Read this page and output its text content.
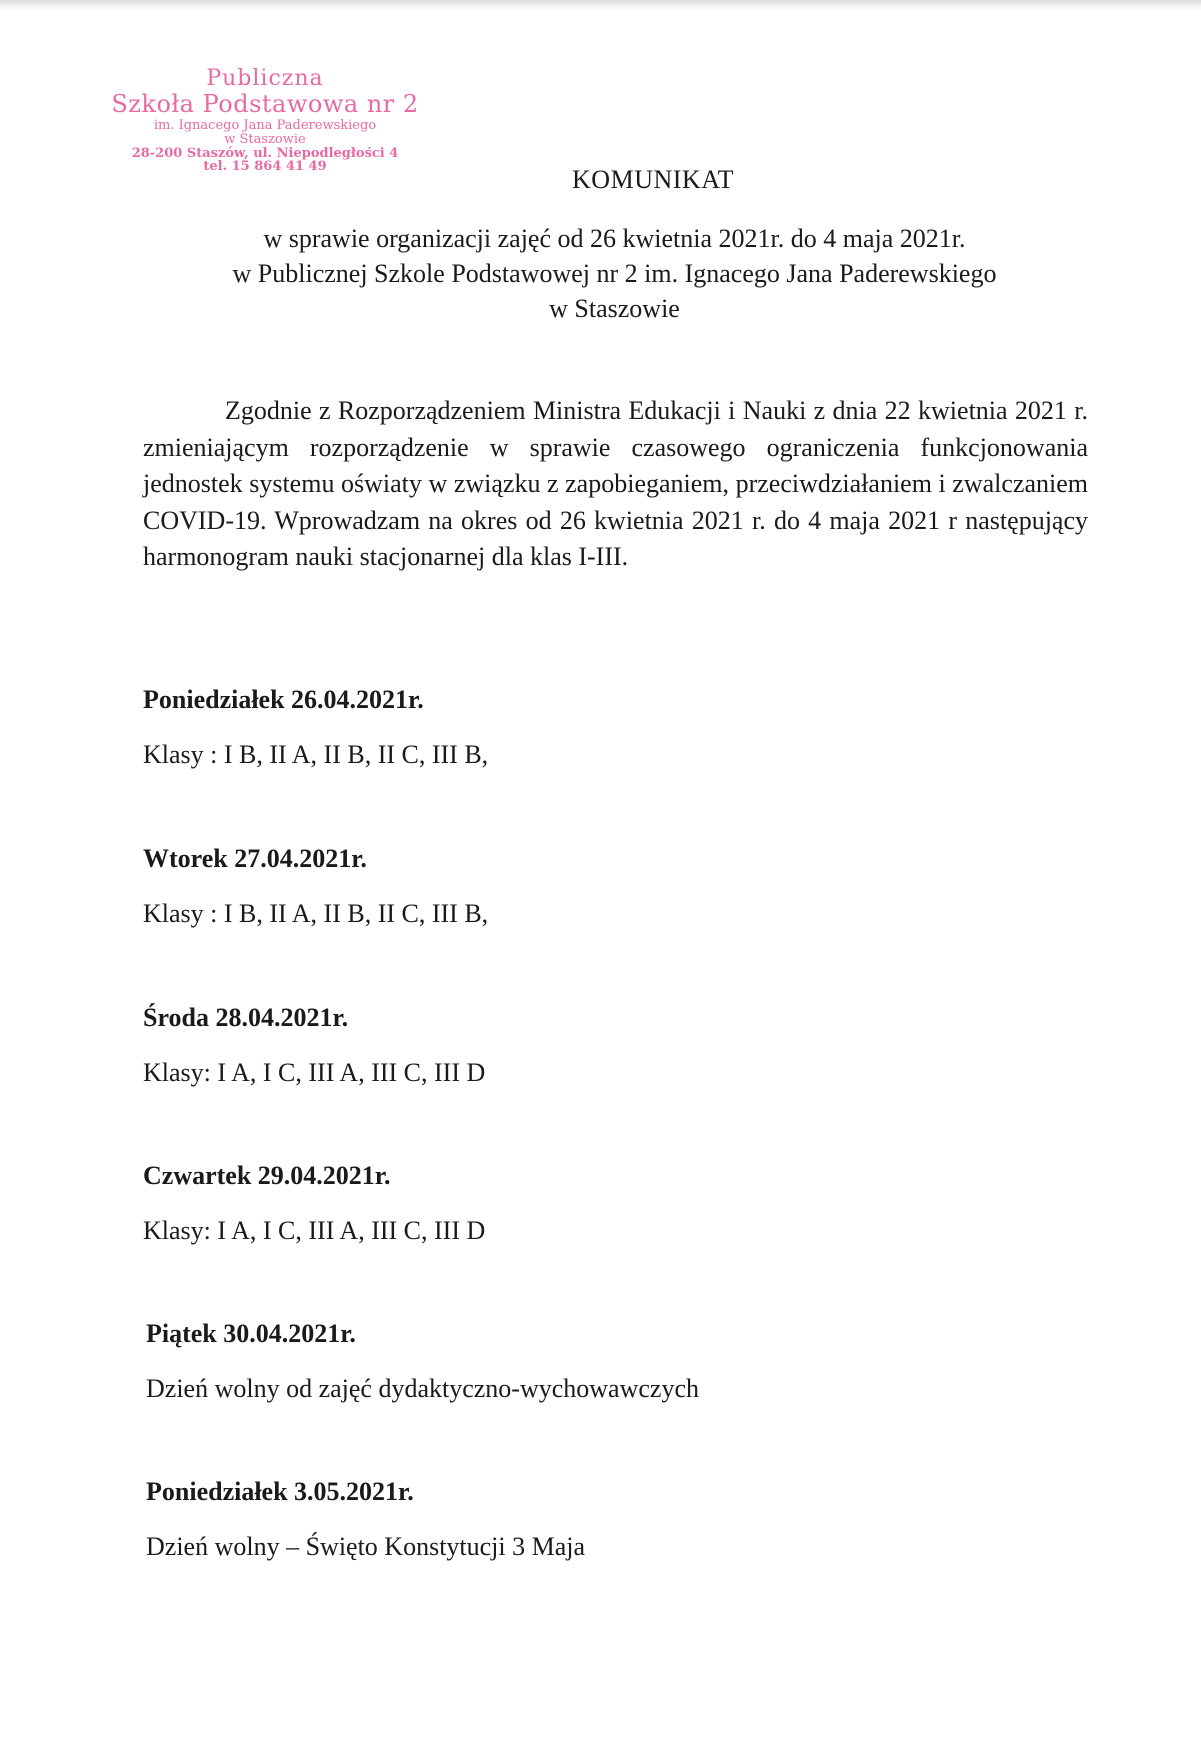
Publiczna
Szkoła Podstawowa nr 2
im. Ignacego Jana Paderewskiego
w Staszowie
28-200 Staszów, ul. Niepodległości 4
tel. 15 864 41 49	KOMUNIKAT
w sprawie organizacji zajęć od 26 kwietnia 2021r. do 4 maja 2021r.
w Publicznej Szkole Podstawowej nr 2 im. Ignacego Jana Paderewskiego
w Staszowie
Zgodnie z Rozporządzeniem Ministra Edukacji i Nauki z dnia 22 kwietnia 2021 r. zmieniającym rozporządzenie w sprawie czasowego ograniczenia funkcjonowania jednostek systemu oświaty w związku z zapobieganiem, przeciwdziałaniem i zwalczaniem COVID-19. Wprowadzam na okres od 26 kwietnia 2021 r. do 4 maja 2021 r następujący harmonogram nauki stacjonarnej dla klas I-III.
Poniedziałek 26.04.2021r.
Klasy : I B, II A, II B, II C, III B,
Wtorek 27.04.2021r.
Klasy : I B, II A, II B, II C, III B,
Środa 28.04.2021r.
Klasy: I A, I C, III A, III C, III D
Czwartek 29.04.2021r.
Klasy: I A, I C, III A, III C, III D
Piątek 30.04.2021r.
Dzień wolny od zajęć dydaktyczno-wychowawczych
Poniedziałek 3.05.2021r.
Dzień wolny – Święto Konstytucji 3 Maja
